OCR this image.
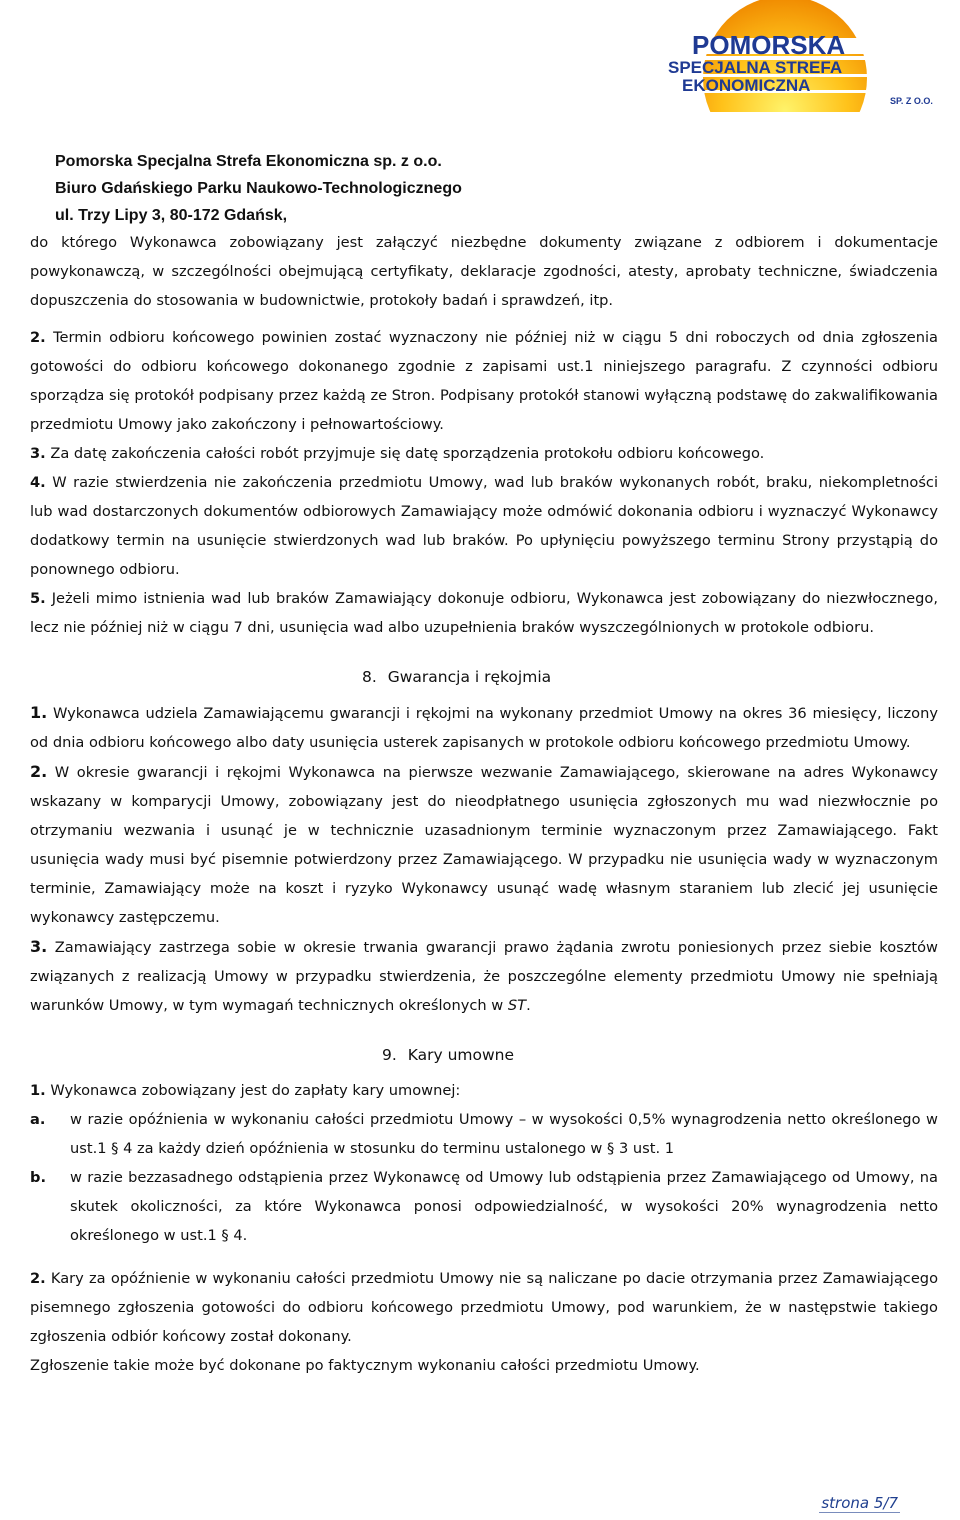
POMORSKA
SPECJALNA STREFA
EKONOMICZNA
SP. Z O.O.
Pomorska Specjalna Strefa Ekonomiczna sp. z o.o.
Biuro Gdańskiego Parku Naukowo-Technologicznego
ul. Trzy Lipy 3, 80-172 Gdańsk,

do którego Wykonawca zobowiązany jest załączyć niezbędne dokumenty związane z odbiorem i dokumentacje powykonawczą, w szczególności obejmującą certyfikaty, deklaracje zgodności, atesty, aprobaty techniczne, świadczenia dopuszczenia do stosowania w budownictwie, protokoły badań i sprawdzeń, itp.

2. Termin odbioru końcowego powinien zostać wyznaczony nie później niż w ciągu 5 dni roboczych od dnia zgłoszenia gotowości do odbioru końcowego dokonanego zgodnie z zapisami ust.1 niniejszego paragrafu. Z czynności odbioru sporządza się protokół podpisany przez każdą ze Stron. Podpisany protokół stanowi wyłączną podstawę do zakwalifikowania przedmiotu Umowy jako zakończony i pełnowartościowy.
3. Za datę zakończenia całości robót przyjmuje się datę sporządzenia protokołu odbioru końcowego.
4. W razie stwierdzenia nie zakończenia przedmiotu Umowy, wad lub braków wykonanych robót, braku, niekompletności lub wad dostarczonych dokumentów odbiorowych Zamawiający może odmówić dokonania odbioru i wyznaczyć Wykonawcy dodatkowy termin na usunięcie stwierdzonych wad lub braków. Po upłynięciu powyższego terminu Strony przystąpią do ponownego odbioru.
5. Jeżeli mimo istnienia wad lub braków Zamawiający dokonuje odbioru, Wykonawca jest zobowiązany do niezwłocznego, lecz nie później niż w ciągu 7 dni, usunięcia wad albo uzupełnienia braków wyszczególnionych w protokole odbioru.
8. Gwarancja i rękojmia
1. Wykonawca udziela Zamawiającemu gwarancji i rękojmi na wykonany przedmiot Umowy na okres 36 miesięcy, liczony od dnia odbioru końcowego albo daty usunięcia usterek zapisanych w protokole odbioru końcowego przedmiotu Umowy.
2. W okresie gwarancji i rękojmi Wykonawca na pierwsze wezwanie Zamawiającego, skierowane na adres Wykonawcy wskazany w komparycji Umowy, zobowiązany jest do nieodpłatnego usunięcia zgłoszonych mu wad niezwłocznie po otrzymaniu wezwania i usunąć je w technicznie uzasadnionym terminie wyznaczonym przez Zamawiającego. Fakt usunięcia wady musi być pisemnie potwierdzony przez Zamawiającego. W przypadku nie usunięcia wady w wyznaczonym terminie, Zamawiający może na koszt i ryzyko Wykonawcy usunąć wadę własnym staraniem lub zlecić jej usunięcie wykonawcy zastępczemu.
3. Zamawiający zastrzega sobie w okresie trwania gwarancji prawo żądania zwrotu poniesionych przez siebie kosztów związanych z realizacją Umowy w przypadku stwierdzenia, że poszczególne elementy przedmiotu Umowy nie spełniają warunków Umowy, w tym wymagań technicznych określonych w ST.
9. Kary umowne
1. Wykonawca zobowiązany jest do zapłaty kary umownej:
a. w razie opóźnienia w wykonaniu całości przedmiotu Umowy – w wysokości 0,5% wynagrodzenia netto określonego w ust.1 § 4 za każdy dzień opóźnienia w stosunku do terminu ustalonego w § 3 ust. 1
b. w razie bezzasadnego odstąpienia przez Wykonawcę od Umowy lub odstąpienia przez Zamawiającego od Umowy, na skutek okoliczności, za które Wykonawca ponosi odpowiedzialność, w wysokości 20% wynagrodzenia netto określonego w ust.1 § 4.
2. Kary za opóźnienie w wykonaniu całości przedmiotu Umowy nie są naliczane po dacie otrzymania przez Zamawiającego pisemnego zgłoszenia gotowości do odbioru końcowego przedmiotu Umowy, pod warunkiem, że w następstwie takiego zgłoszenia odbiór końcowy został dokonany.

Zgłoszenie takie może być dokonane po faktycznym wykonaniu całości przedmiotu Umowy.

strona 5/7
